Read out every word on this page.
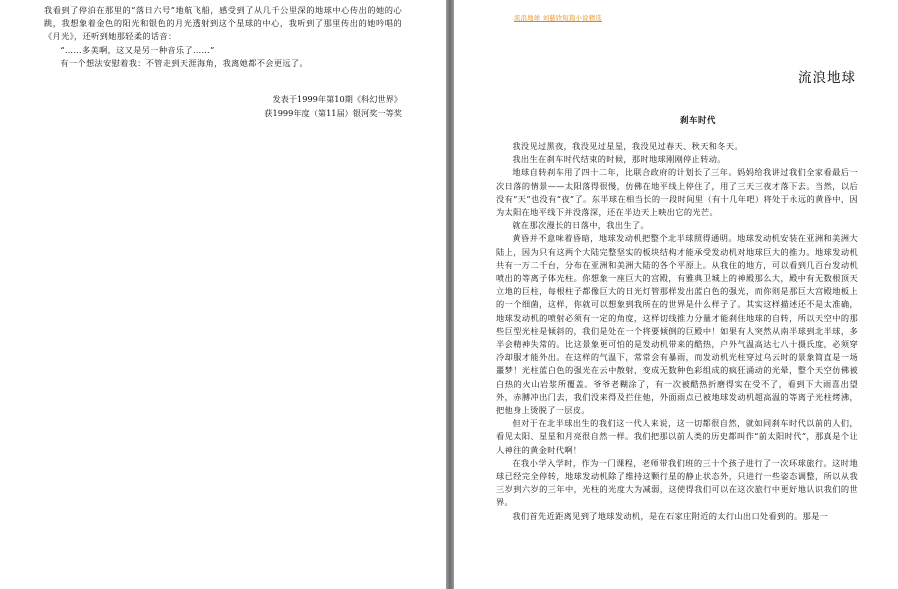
我看到了停泊在那里的“落日六号”地航飞船，感受到了从几千公里深的地球中心传出的她的心跳，我想象着金色的阳光和银色的月光透射到这个星球的中心，我听到了那里传出的她吟唱的《月光》，还听到她那轻柔的话音：

“……多美啊，这又是另一种音乐了……”

有一个想法安慰着我：不管走到天涯海角，我离她都不会更远了。

发表于1999年第10期《科幻世界》
获1999年度（第11届）银河奖一等奖
流浪地球 刘慈欣短篇小说精选
流浪地球
刹车时代

我没见过黑夜，我没见过星星，我没见过春天、秋天和冬天。

我出生在刹车时代结束的时候，那时地球刚刚停止转动。

地球自转刹车用了四十二年，比联合政府的计划长了三年。妈妈给我讲过我们全家看最后一次日落的情景——太阳落得很慢，仿佛在地平线上停住了，用了三天三夜才落下去。当然，以后没有“天”也没有“夜”了。东半球在相当长的一段时间里（有十几年吧）将处于永远的黄昏中，因为太阳在地平线下并没落深，还在半边天上映出它的光芒。

就在那次漫长的日落中，我出生了。

黄昏并不意味着昏暗，地球发动机把整个北半球照得通明。地球发动机安装在亚洲和美洲大陆上，因为只有这两个大陆完整坚实的板块结构才能承受发动机对地球巨大的推力。地球发动机共有一万二千台，分布在亚洲和美洲大陆的各个平原上。从我住的地方，可以看到几百台发动机喷出的等离子体光柱。你想象一座巨大的宫殿，有雅典卫城上的神殿那么大，殿中有无数根顶天立地的巨柱，每根柱子都像巨大的日光灯管那样发出蓝白色的强光，而你则是那巨大宫殿地板上的一个细菌，这样，你就可以想象到我所在的世界是什么样子了。其实这样描述还不是太准确，地球发动机的喷射必须有一定的角度，这样切线推力分量才能刹住地球的自转，所以天空中的那些巨型光柱是倾斜的，我们是处在一个将要倾倒的巨殿中！如果有人突然从南半球到北半球，多半会精神失常的。比这景象更可怕的是发动机带来的酷热，户外气温高达七八十摄氏度，必须穿冷却服才能外出。在这样的气温下，常常会有暴雨，而发动机光柱穿过乌云时的景象简直是一场噩梦！光柱蓝白色的强光在云中散射，变成无数种色彩组成的疯狂涌动的光晕，整个天空仿佛被白热的火山岩浆所覆盖。爷爷老糊涂了，有一次被酷热折磨得实在受不了，看到下大雨喜出望外，赤膊冲出门去，我们没来得及拦住他，外面雨点已被地球发动机超高温的等离子光柱烤沸，把他身上烫脱了一层皮。

但对于在北半球出生的我们这一代人来说，这一切都很自然，就如同刹车时代以前的人们，看见太阳、星星和月亮很自然一样。我们把那以前人类的历史都叫作“前太阳时代”，那真是个让人神往的黄金时代啊！

在我小学入学时，作为一门课程，老师带我们班的三十个孩子进行了一次环球旅行。这时地球已经完全停转，地球发动机除了维持这颗行星的静止状态外，只进行一些姿态调整，所以从我三岁到六岁的三年中，光柱的光度大为减弱，这使得我们可以在这次旅行中更好地认识我们的世界。

我们首先近距离见到了地球发动机，是在石家庄附近的太行山出口处看到的。那是一
